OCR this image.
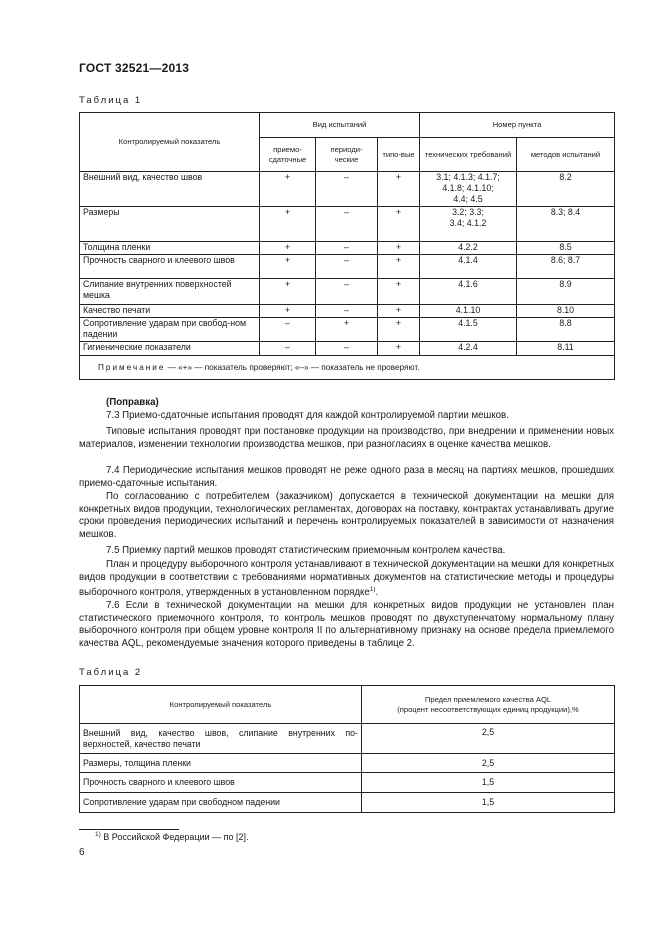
ГОСТ 32521—2013
Таблица 1
Контролируемый показатель	Вид испытаний			Номер пункта	
	приемо-сдаточные	периоди-ческие	типо-вые	технических требований	методов испытаний
Внешний вид, качество швов	+	–	+	3.1; 4.1.3; 4.1.7; 4.1.8; 4.1.10; 4.4; 4.5	8.2
Размеры	+	–	+	3.2; 3.3; 3.4; 4.1.2	8.3; 8.4
Толщина пленки	+	–	+	4.2.2	8.5
Прочность сварного и клеевого швов	+	–	+	4.1.4	8.6; 8.7
Слипание внутренних поверхностей мешка	+	–	+	4.1.6	8.9
Качество печати	+	–	+	4.1.10	8.10
Сопротивление ударам при свобод-ном падении	–	+	+	4.1.5	8.8
Гигиенические показатели	–	–	+	4.2.4	8.11
Примечание — «+» — показатель проверяют; «–» — показатель не проверяют.					
(Поправка)
7.3 Приемо-сдаточные испытания проводят для каждой контролируемой партии мешков.
Типовые испытания проводят при постановке продукции на производство, при внедрении и применении новых материалов, изменении технологии производства мешков, при разногласиях в оценке качества мешков.
7.4 Периодические испытания мешков проводят не реже одного раза в месяц на партиях мешков, прошедших приемо-сдаточные испытания.
По согласованию с потребителем (заказчиком) допускается в технической документации на мешки для конкретных видов продукции, технологических регламентах, договорах на поставку, контрактах устанавливать другие сроки проведения периодических испытаний и перечень контролируемых показателей в зависимости от назначения мешков.
7.5 Приемку партий мешков проводят статистическим приемочным контролем качества.
План и процедуру выборочного контроля устанавливают в технической документации на мешки для конкретных видов продукции в соответствии с требованиями нормативных документов на статистические методы и процедуры выборочного контроля, утвержденных в установленном порядке$^{1)}$.
7.6 Если в технической документации на мешки для конкретных видов продукции не установлен план статистического приемочного контроля, то контроль мешков проводят по двухступенчатому нормальному плану выборочного контроля при общем уровне контроля II по альтернативному признаку на основе предела приемлемого качества AQL, рекомендуемые значения которого приведены в таблице 2.
Таблица 2
Контролируемый показатель	Предел приемлемого качества AQL
(процент несоответствующих единиц продукции),%

Внешний вид, качество швов, слипание внутренних по-верхностей, качество печати	2,5
Размеры, толщина пленки	2,5
Прочность сварного и клеевого швов	1,5
Сопротивление ударам при свободном падении	1,5
$^{1)}$ В Российской Федерации — по [2].
6
